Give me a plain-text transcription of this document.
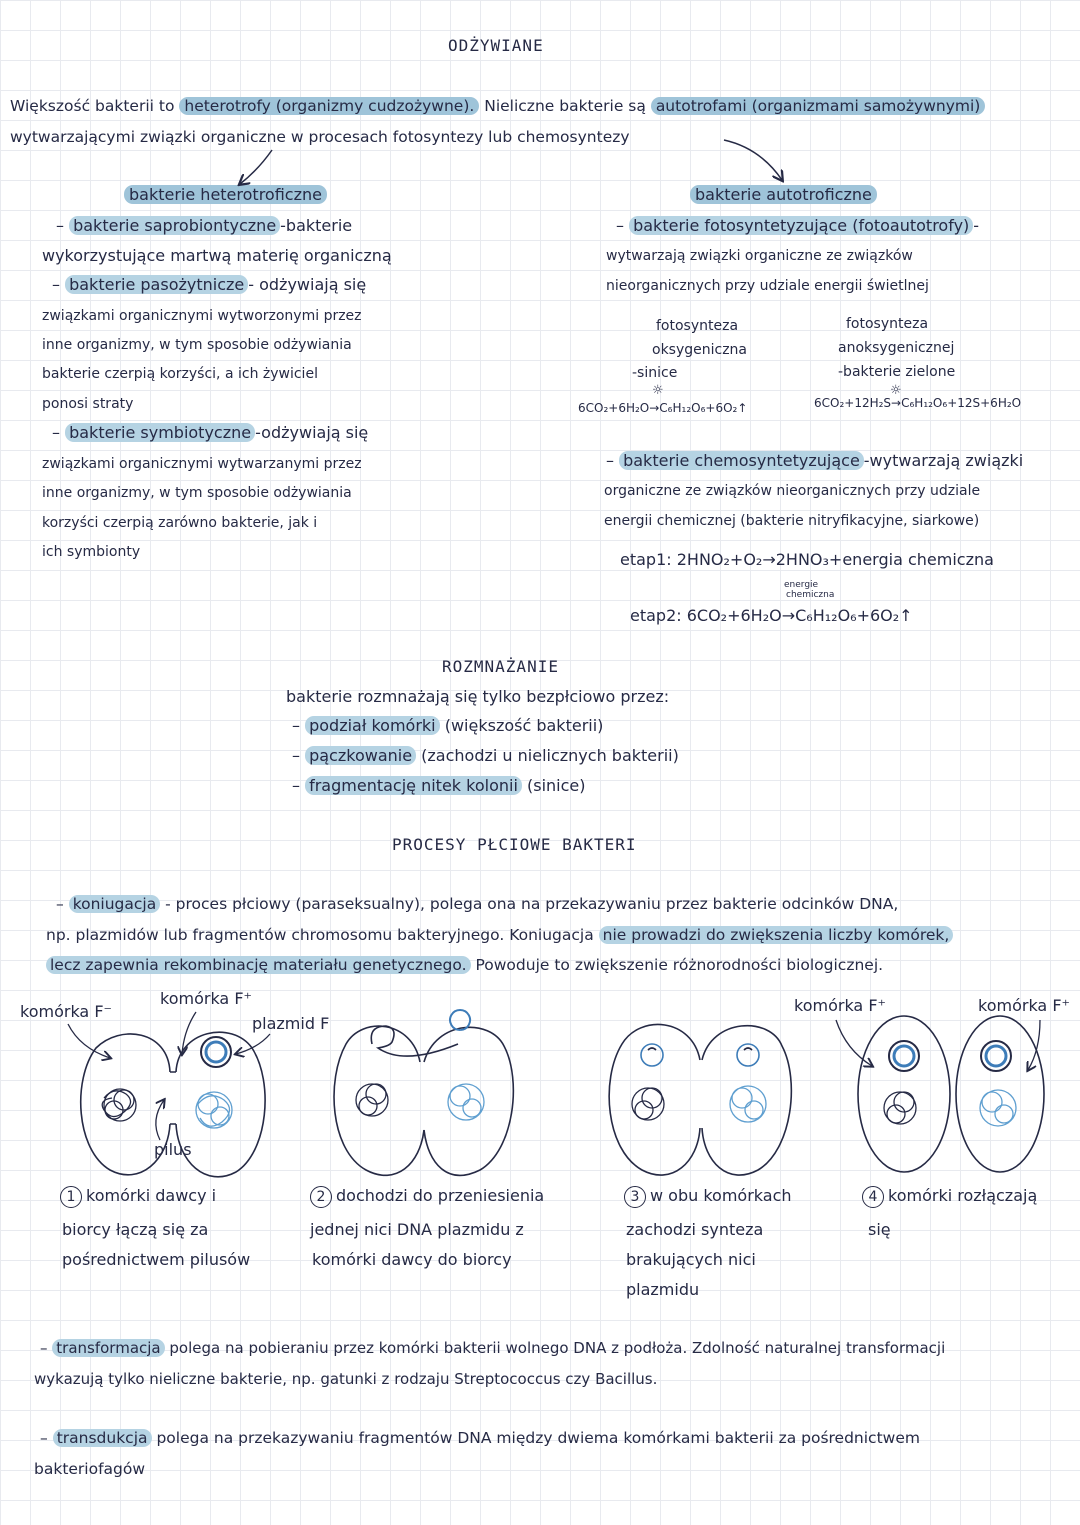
ODŻYWIANE
Większość bakterii to heterotrofy (organizmy cudzożywne). Nieliczne bakterie są autotrofami (organizmami samożywnymi)
wytwarzającymi związki organiczne w procesach fotosyntezy lub chemosyntezy
bakterie heterotroficzne
– bakterie saprobiontyczne -bakterie
wykorzystujące martwą materię organiczną
– bakterie pasożytnicze - odżywiają się
związkami organicznymi wytworzonymi przez
inne organizmy, w tym sposobie odżywiania
bakterie czerpią korzyści, a ich żywiciel
ponosi straty
– bakterie symbiotyczne -odżywiają się
związkami organicznymi wytwarzanymi przez
inne organizmy, w tym sposobie odżywiania
korzyści czerpią zarówno bakterie, jak i
ich symbionty
bakterie autotroficzne
– bakterie fotosyntetyzujące (fotoautotrofy) -
wytwarzają związki organiczne ze związków
nieorganicznych przy udziale energii świetlnej
fotosynteza
oksygeniczna
-sinice
☼
6CO₂+6H₂O→C₆H₁₂O₆+6O₂↑
fotosynteza
anoksygenicznej
-bakterie zielone
☼
6CO₂+12H₂S→C₆H₁₂O₆+12S+6H₂O
– bakterie chemosyntetyzujące -wytwarzają związki
organiczne ze związków nieorganicznych przy udziale
energii chemicznej (bakterie nitryfikacyjne, siarkowe)
etap1: 2HNO₂+O₂→2HNO₃+energia chemiczna
energie
chemiczna
etap2: 6CO₂+6H₂O→C₆H₁₂O₆+6O₂↑
ROZMNAŻANIE
bakterie rozmnażają się tylko bezpłciowo przez:
– podział komórki (większość bakterii)
– pączkowanie (zachodzi u nielicznych bakterii)
– fragmentację nitek kolonii (sinice)
PROCESY PŁCIOWE BAKTERI
– koniugacja - proces płciowy (paraseksualny), polega ona na przekazywaniu przez bakterie odcinków DNA,
np. plazmidów lub fragmentów chromosomu bakteryjnego. Koniugacja nie prowadzi do zwiększenia liczby komórek,
lecz zapewnia rekombinację materiału genetycznego. Powoduje to zwiększenie różnorodności biologicznej.
komórka F⁻
komórka F⁺
plazmid F
pilus
komórka F⁺	komórka F⁺
1 komórki dawcy i
biorcy łączą się za
pośrednictwem pilusów
2 dochodzi do przeniesienia
jednej nici DNA plazmidu z
komórki dawcy do biorcy
3 w obu komórkach
zachodzi synteza
brakujących nici
plazmidu
4 komórki rozłączają
się
– transformacja polega na pobieraniu przez komórki bakterii wolnego DNA z podłoża. Zdolność naturalnej transformacji
wykazują tylko nieliczne bakterie, np. gatunki z rodzaju Streptococcus czy Bacillus.
– transdukcja polega na przekazywaniu fragmentów DNA między dwiema komórkami bakterii za pośrednictwem
bakteriofagów
